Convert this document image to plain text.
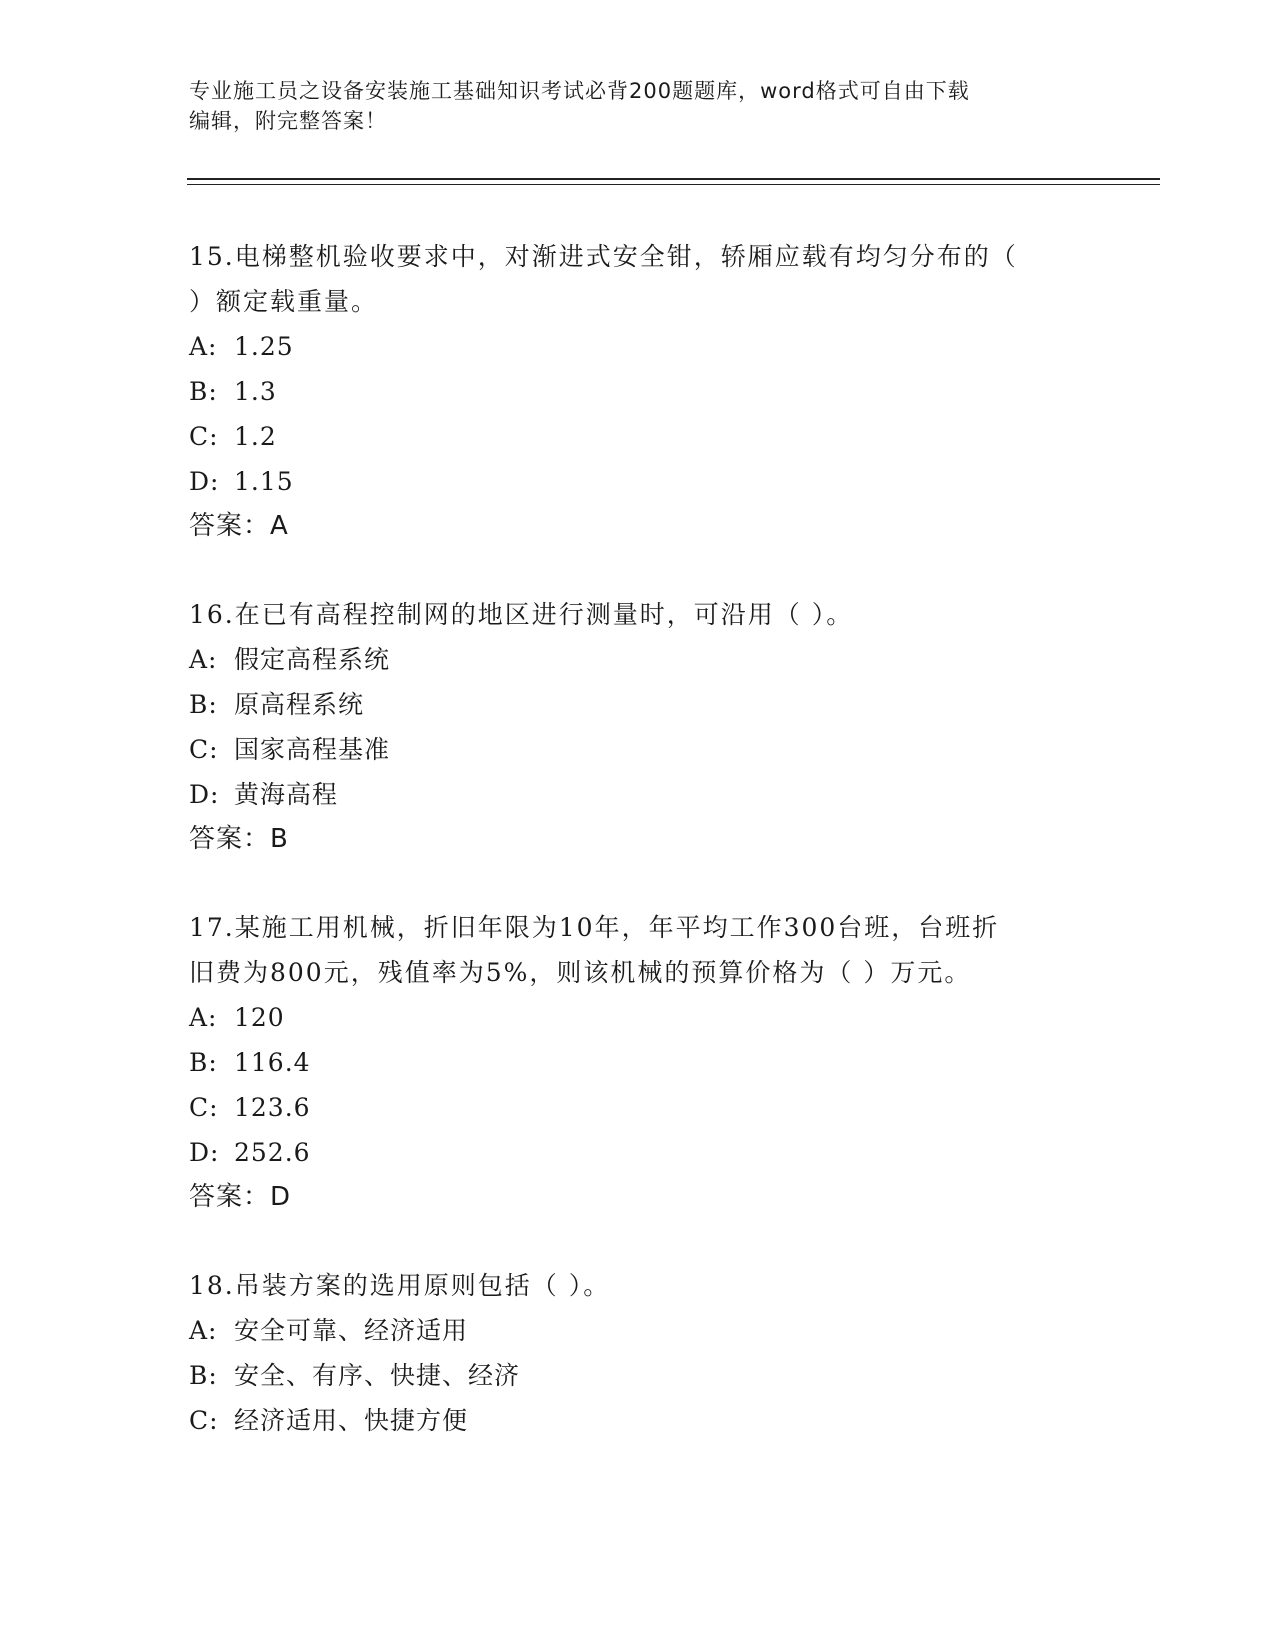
专业施工员之设备安装施工基础知识考试必背200题题库，word格式可自由下载
编辑，附完整答案！
15.电梯整机验收要求中，对渐进式安全钳，轿厢应载有均匀分布的（
）额定载重量。
A: 1.25
B: 1.3
C: 1.2
D: 1.15
答案：A
16.在已有高程控制网的地区进行测量时，可沿用（ ）。
A: 假定高程系统
B: 原高程系统
C: 国家高程基准
D: 黄海高程
答案：B
17.某施工用机械，折旧年限为10年，年平均工作300台班，台班折
旧费为800元，残值率为5%，则该机械的预算价格为（ ）万元。
A: 120
B: 116.4
C: 123.6
D: 252.6
答案：D
18.吊装方案的选用原则包括（ ）。
A: 安全可靠、经济适用
B: 安全、有序、快捷、经济
C: 经济适用、快捷方便
